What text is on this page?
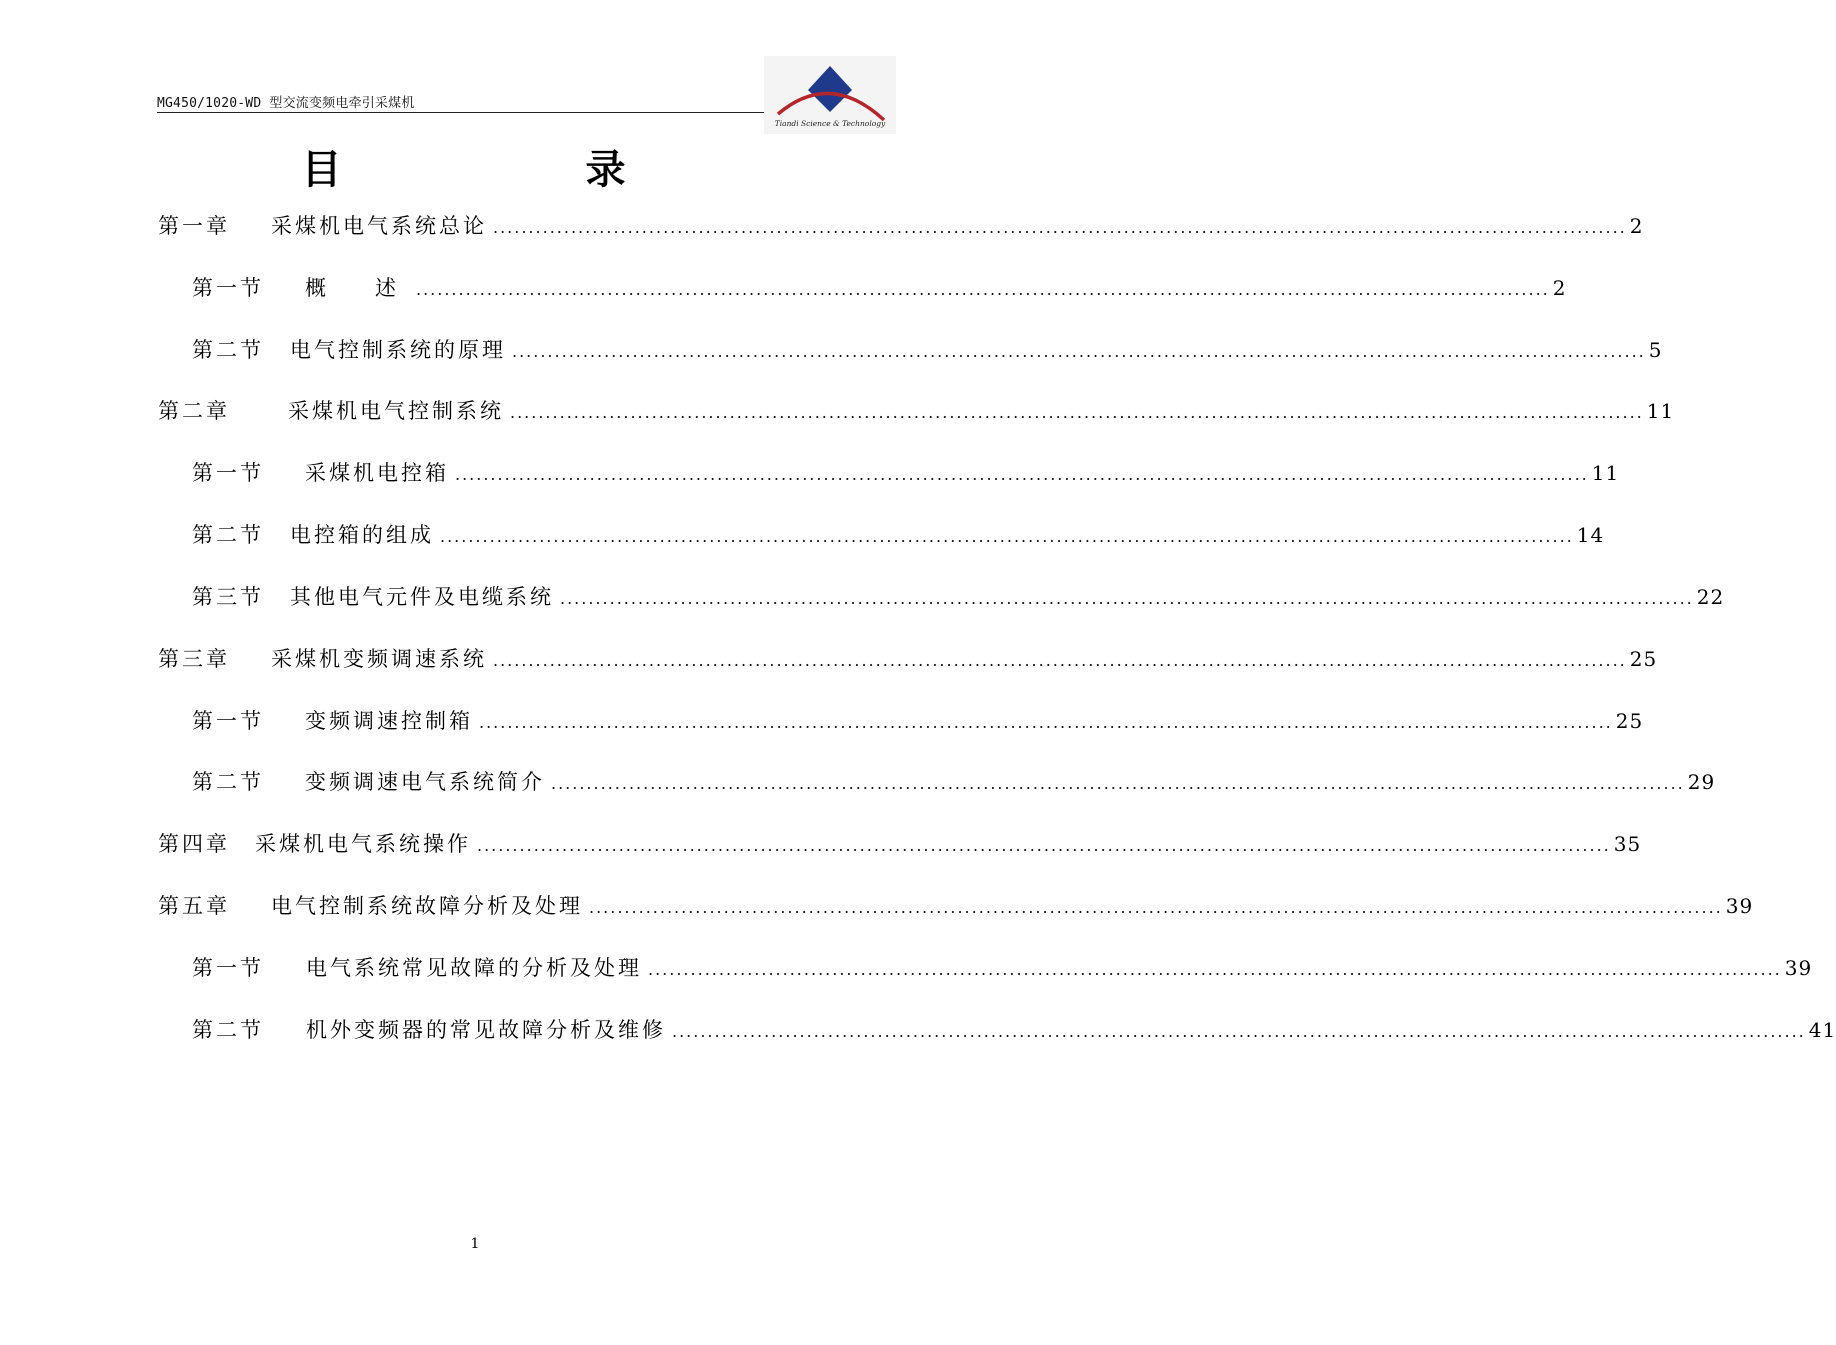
MG450/1020-WD 型交流变频电牵引采煤机
Tiandi Science & Technology
目 录
第一章	采煤机电气系统总论 ................................................................................................................................................................ 2
第一节	概　述 ................................................................................................................................................................ 2
第二节	电气控制系统的原理 ................................................................................................................................................................ 5
第二章	采煤机电气控制系统 ................................................................................................................................................................ 11
第一节	采煤机电控箱 ................................................................................................................................................................ 11
第二节	电控箱的组成 ................................................................................................................................................................ 14
第三节	其他电气元件及电缆系统 ................................................................................................................................................................ 22
第三章	采煤机变频调速系统 ................................................................................................................................................................ 25
第一节	变频调速控制箱 ................................................................................................................................................................ 25
第二节	变频调速电气系统简介 ................................................................................................................................................................ 29
第四章	采煤机电气系统操作 ................................................................................................................................................................ 35
第五章	电气控制系统故障分析及处理 ................................................................................................................................................................ 39
第一节	电气系统常见故障的分析及处理 ................................................................................................................................................................ 39
第二节	机外变频器的常见故障分析及维修 ................................................................................................................................................................ 41
1
